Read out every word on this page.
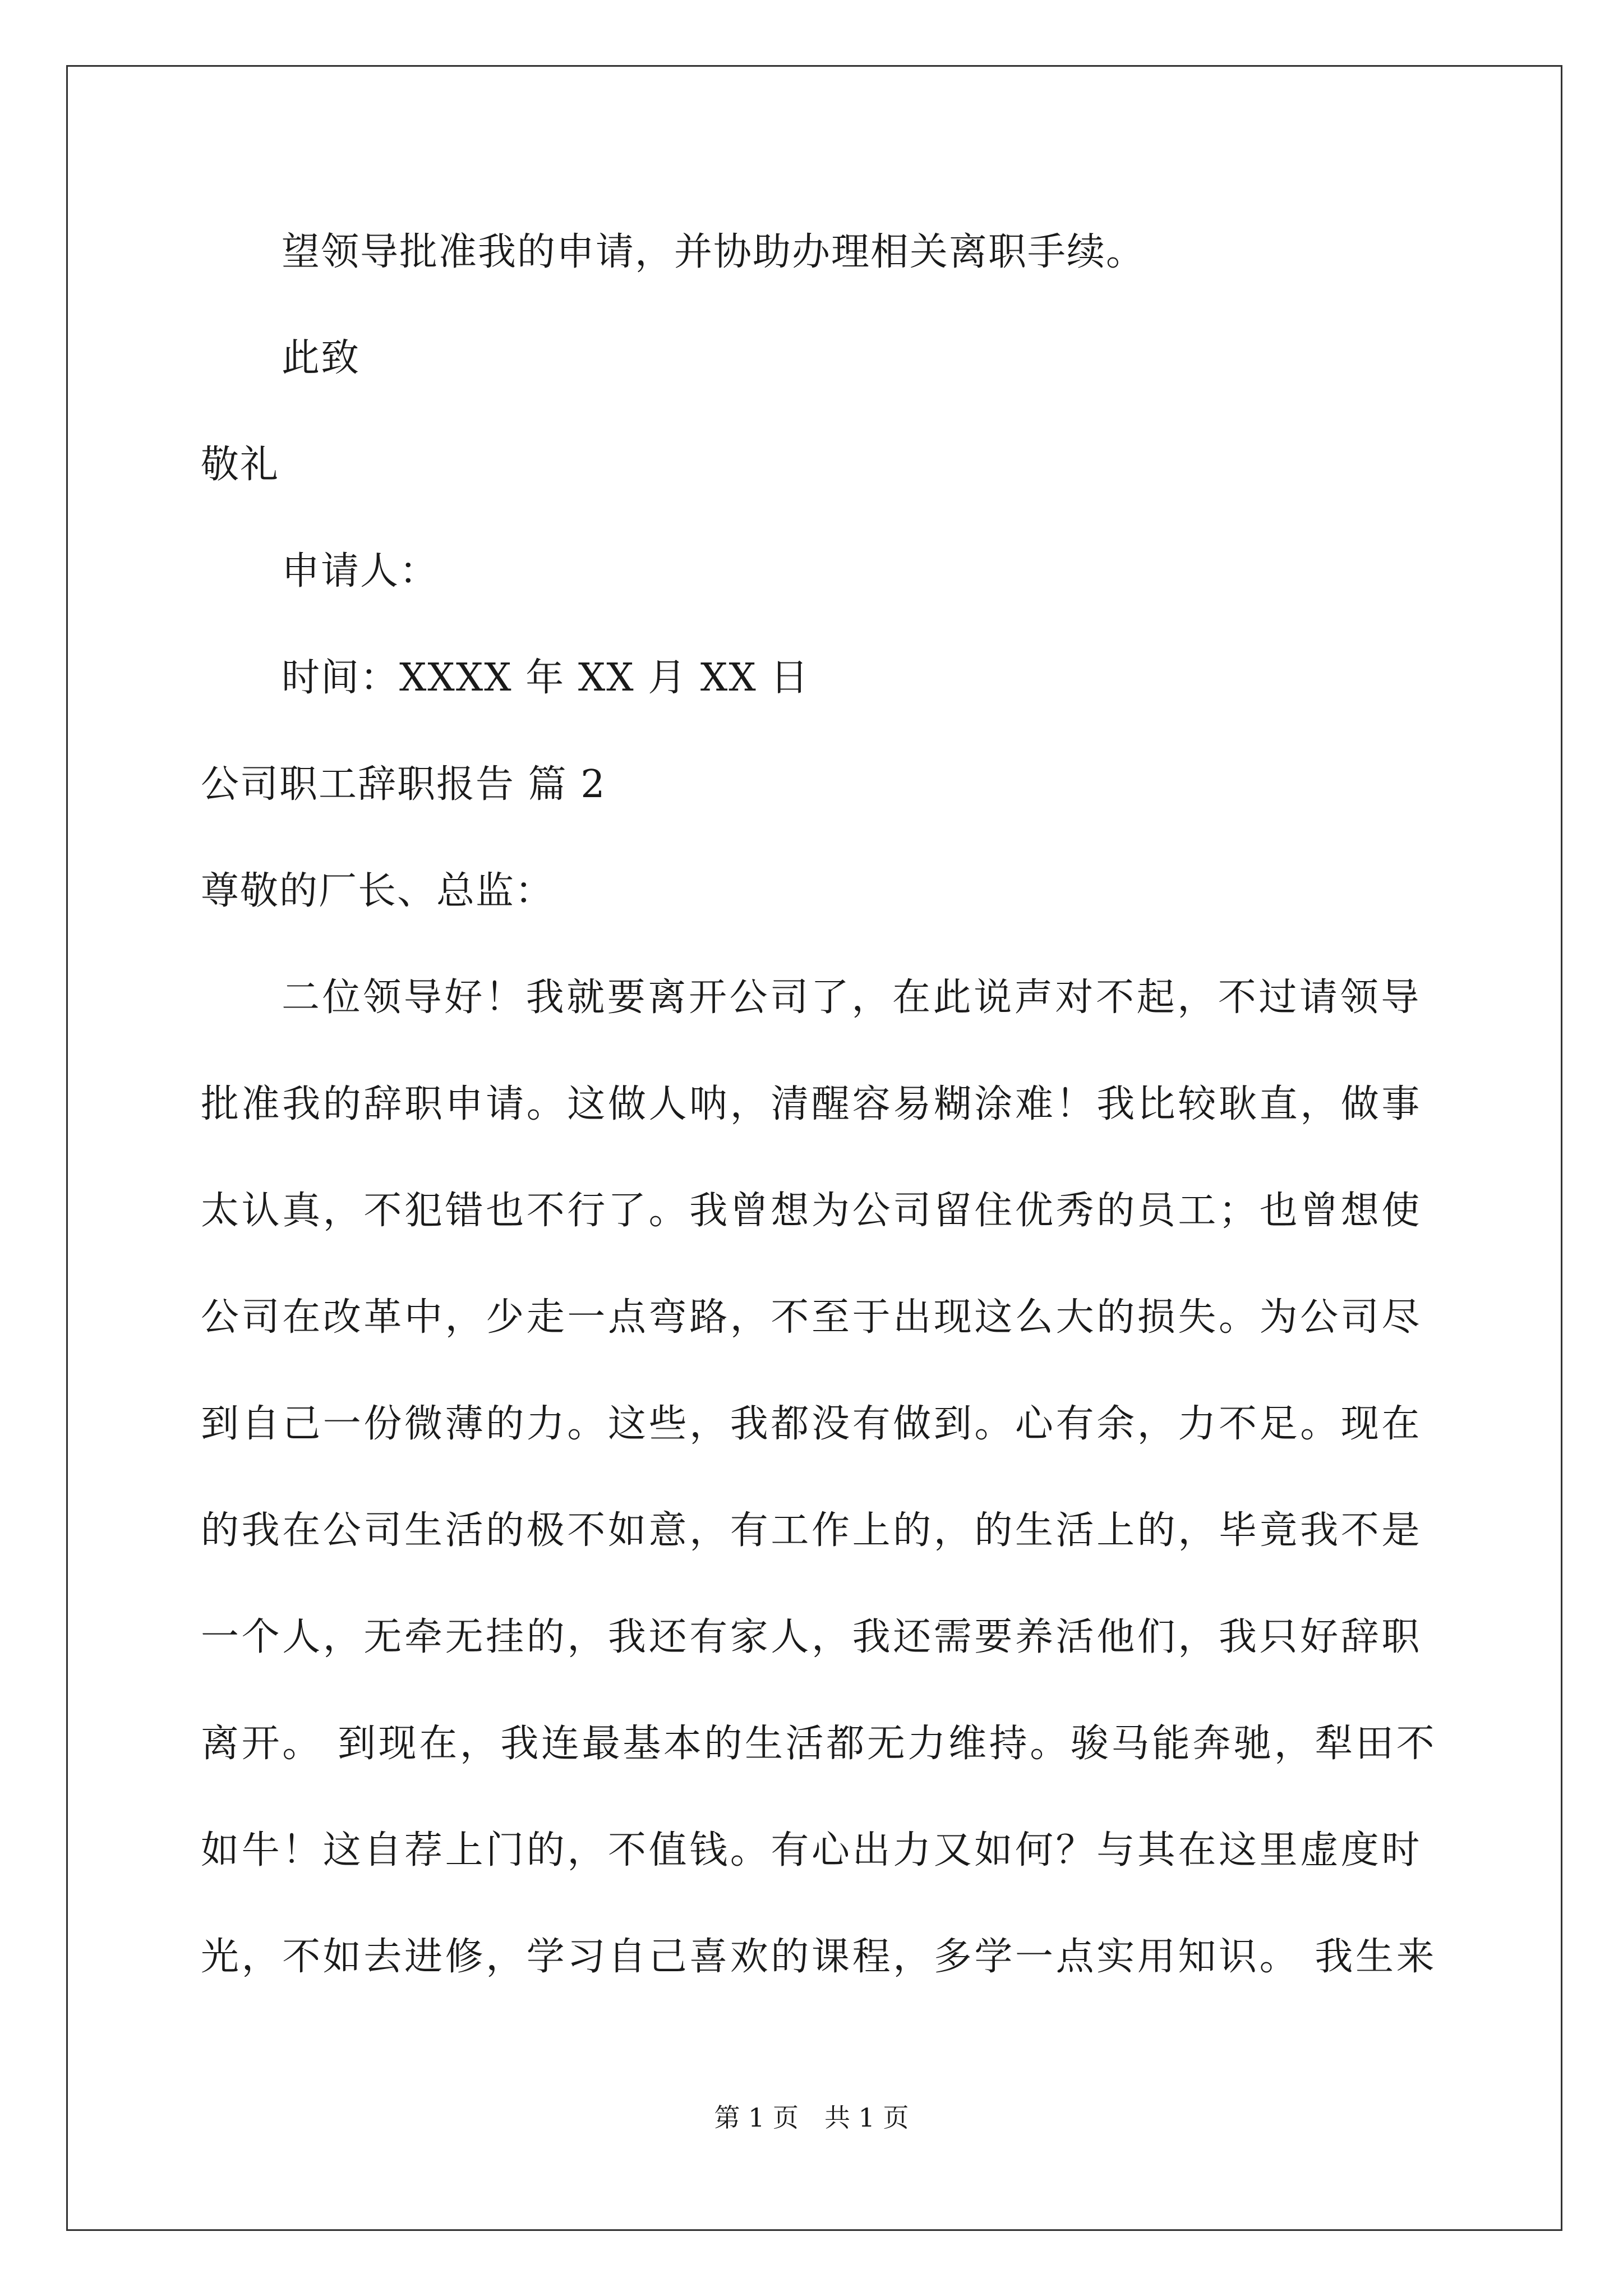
望领导批准我的申请，并协助办理相关离职手续。
此致
敬礼
申请人：
时间：XXXX 年 XX 月 XX 日
公司职工辞职报告 篇 2
尊敬的厂长、总监：
二位领导好！我就要离开公司了，在此说声对不起，不过请领导
批准我的辞职申请。这做人呐，清醒容易糊涂难！我比较耿直，做事
太认真，不犯错也不行了。我曾想为公司留住优秀的员工；也曾想使
公司在改革中，少走一点弯路，不至于出现这么大的损失。为公司尽
到自己一份微薄的力。这些，我都没有做到。心有余，力不足。现在
的我在公司生活的极不如意，有工作上的，的生活上的，毕竟我不是
一个人，无牵无挂的，我还有家人，我还需要养活他们，我只好辞职
离开。 到现在，我连最基本的生活都无力维持。骏马能奔驰，犁田不
如牛！这自荐上门的，不值钱。有心出力又如何？与其在这里虚度时
光，不如去进修，学习自己喜欢的课程，多学一点实用知识。 我生来
第 1 页　共 1 页
